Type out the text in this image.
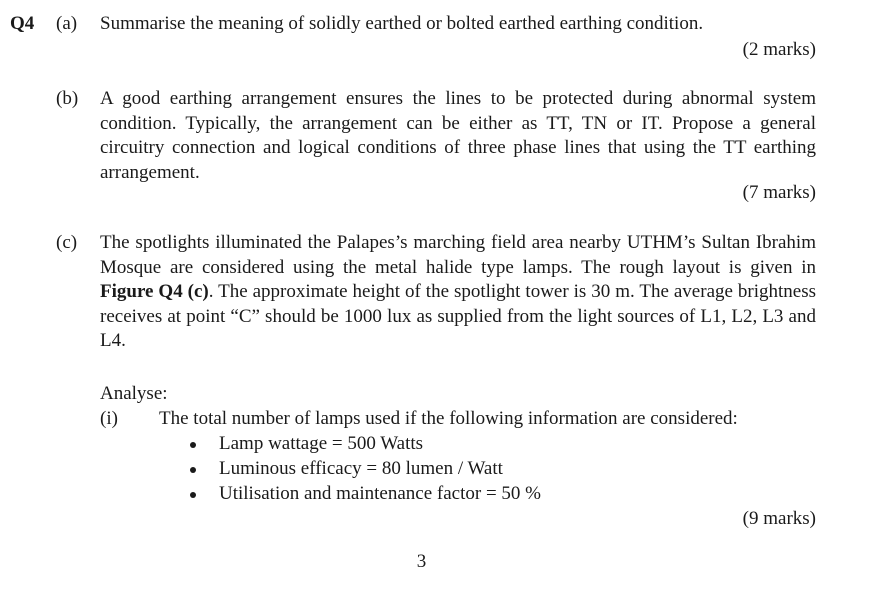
Q4 (a)	Summarise the meaning of solidly earthed or bolted earthed earthing condition.
(2 marks)
(b)	A good earthing arrangement ensures the lines to be protected during abnormal system condition. Typically, the arrangement can be either as TT, TN or IT. Propose a general circuitry connection and logical conditions of three phase lines that using the TT earthing arrangement.
(7 marks)
(c)	The spotlights illuminated the Palapes’s marching field area nearby UTHM’s Sultan Ibrahim Mosque are considered using the metal halide type lamps. The rough layout is given in Figure Q4 (c). The approximate height of the spotlight tower is 30 m. The average brightness receives at point “C” should be 1000 lux as supplied from the light sources of L1, L2, L3 and L4.
Analyse:
(i) The total number of lamps used if the following information are considered:
Lamp wattage = 500 Watts
Luminous efficacy = 80 lumen / Watt
Utilisation and maintenance factor = 50 %
(9 marks)
3
